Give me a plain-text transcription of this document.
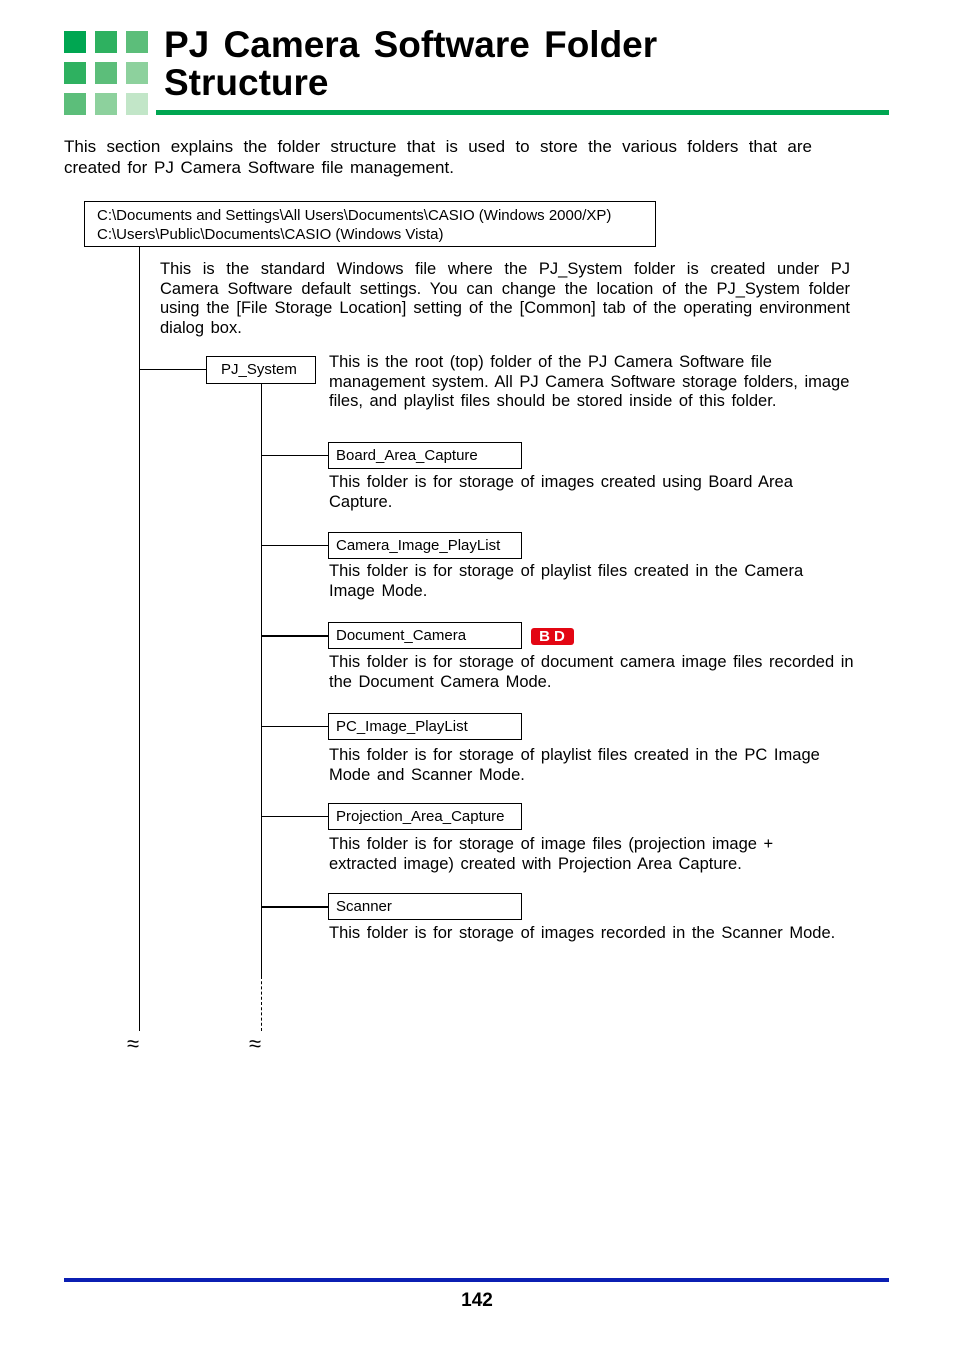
PJ Camera Software Folder
Structure
This section explains the folder structure that is used to store the various folders that are created for PJ Camera Software file management.
C:\Documents and Settings\All Users\Documents\CASIO (Windows 2000/XP)
C:\Users\Public\Documents\CASIO (Windows Vista)
This is the standard Windows file where the PJ_System folder is created under PJ Camera Software default settings. You can change the location of the PJ_System folder using the [File Storage Location] setting of the [Common] tab of the operating environment dialog box.
≈	≈
PJ_System	This is the root (top) folder of the PJ Camera Software file management system. All PJ Camera Software storage folders, image files, and playlist files should be stored inside of this folder.
Board_Area_Capture
This folder is for storage of images created using Board Area Capture.
Camera_Image_PlayList
This folder is for storage of playlist files created in the Camera Image Mode.
Document_Camera	BD
This folder is for storage of document camera image files recorded in the Document Camera Mode.
PC_Image_PlayList
This folder is for storage of playlist files created in the PC Image Mode and Scanner Mode.
Projection_Area_Capture
This folder is for storage of image files (projection image + extracted image) created with Projection Area Capture.
Scanner
This folder is for storage of images recorded in the Scanner Mode.
142
